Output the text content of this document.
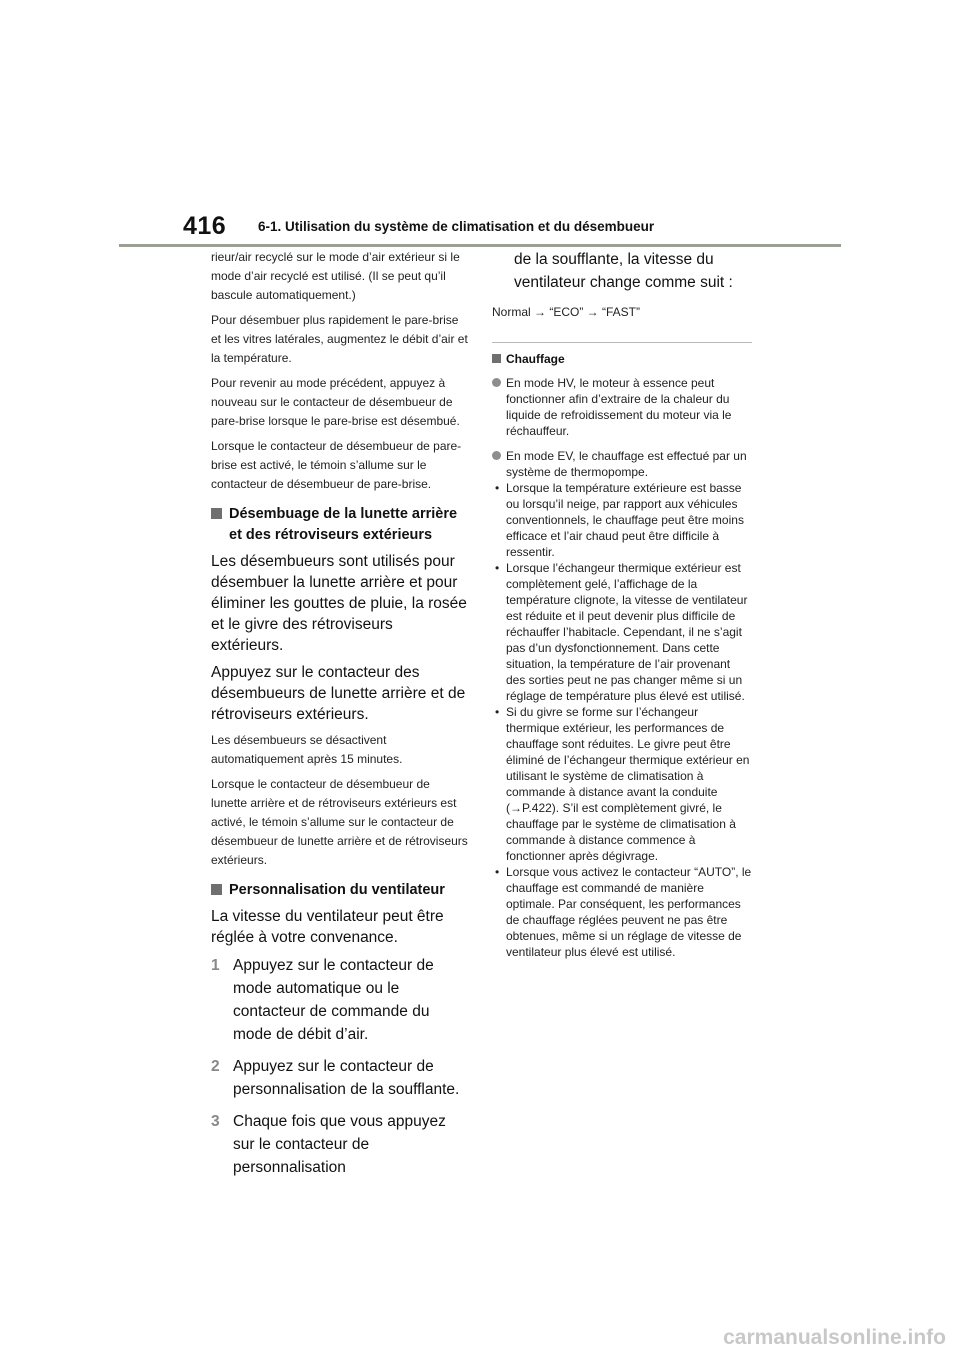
416 6-1. Utilisation du système de climatisation et du désembueur

rieur/air recyclé sur le mode d’air extérieur si le mode d’air recyclé est utilisé. (Il se peut qu’il bascule automatiquement.)

Pour désembuer plus rapidement le pare-brise et les vitres latérales, augmentez le débit d’air et la température.

Pour revenir au mode précédent, appuyez à nouveau sur le contacteur de désembueur de pare-brise lorsque le pare-brise est désembué.

Lorsque le contacteur de désembueur de pare-brise est activé, le témoin s’allume sur le contacteur de désembueur de pare-brise.

Désembuage de la lunette arrière et des rétroviseurs extérieurs

Les désembueurs sont utilisés pour désembuer la lunette arrière et pour éliminer les gouttes de pluie, la rosée et le givre des rétroviseurs extérieurs.

Appuyez sur le contacteur des désembueurs de lunette arrière et de rétroviseurs extérieurs.

Les désembueurs se désactivent automatiquement après 15 minutes.

Lorsque le contacteur de désembueur de lunette arrière et de rétroviseurs extérieurs est activé, le témoin s’allume sur le contacteur de désembueur de lunette arrière et de rétroviseurs extérieurs.

Personnalisation du ventilateur

La vitesse du ventilateur peut être réglée à votre convenance.

1 Appuyez sur le contacteur de mode automatique ou le contacteur de commande du mode de débit d’air.
2 Appuyez sur le contacteur de personnalisation de la soufflante.
3 Chaque fois que vous appuyez sur le contacteur de personnalisation

de la soufflante, la vitesse du ventilateur change comme suit :

Normal → “ECO” → “FAST”

Chauffage
En mode HV, le moteur à essence peut fonctionner afin d’extraire de la chaleur du liquide de refroidissement du moteur via le réchauffeur.
En mode EV, le chauffage est effectué par un système de thermopompe.
• Lorsque la température extérieure est basse ou lorsqu’il neige, par rapport aux véhicules conventionnels, le chauffage peut être moins efficace et l’air chaud peut être difficile à ressentir.
• Lorsque l’échangeur thermique extérieur est complètement gelé, l’affichage de la température clignote, la vitesse de ventilateur est réduite et il peut devenir plus difficile de réchauffer l’habitacle. Cependant, il ne s’agit pas d’un dysfonctionnement. Dans cette situation, la température de l’air provenant des sorties peut ne pas changer même si un réglage de température plus élevé est utilisé.
• Si du givre se forme sur l’échangeur thermique extérieur, les performances de chauffage sont réduites. Le givre peut être éliminé de l’échangeur thermique extérieur en utilisant le système de climatisation à commande à distance avant la conduite (→P.422). S’il est complètement givré, le chauffage par le système de climatisation à commande à distance commence à fonctionner après dégivrage.
• Lorsque vous activez le contacteur “AUTO”, le chauffage est commandé de manière optimale. Par conséquent, les performances de chauffage réglées peuvent ne pas être obtenues, même si un réglage de vitesse de ventilateur plus élevé est utilisé.
carmanualsonline.info
